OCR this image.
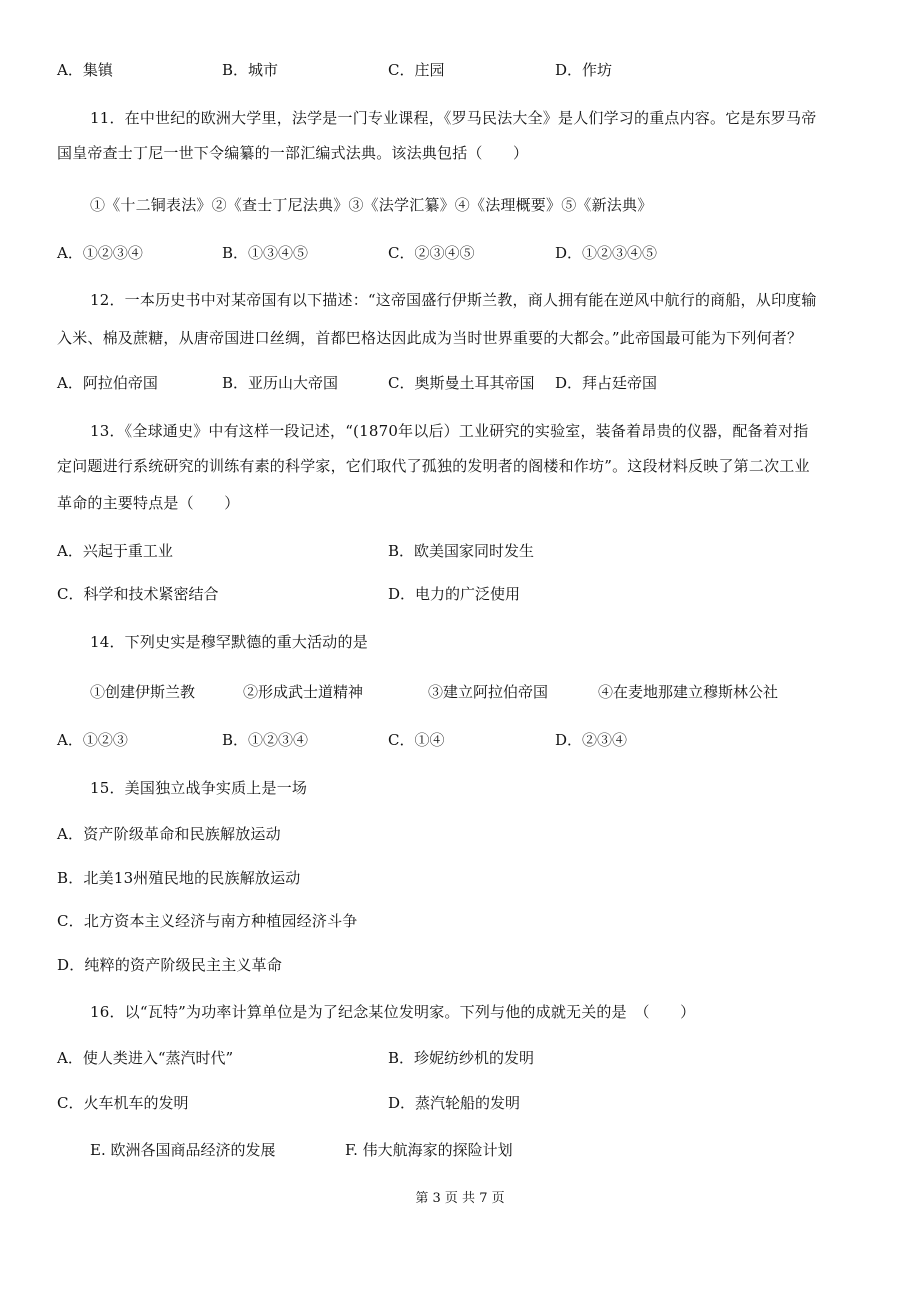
A．集镇	B．城市	C．庄园	D．作坊
11．在中世纪的欧洲大学里，法学是一门专业课程，《罗马民法大全》是人们学习的重点内容。它是东罗马帝
国皇帝查士丁尼一世下令编纂的一部汇编式法典。该法典包括（　　）
①《十二铜表法》②《查士丁尼法典》③《法学汇纂》④《法理概要》⑤《新法典》
A．①②③④	B．①③④⑤	C．②③④⑤	D．①②③④⑤
12．一本历史书中对某帝国有以下描述：“这帝国盛行伊斯兰教，商人拥有能在逆风中航行的商船，从印度输
入米、棉及蔗糖，从唐帝国进口丝绸，首都巴格达因此成为当时世界重要的大都会。”此帝国最可能为下列何者？
A．阿拉伯帝国	B．亚历山大帝国	C．奥斯曼土耳其帝国 D．拜占廷帝国
13．《全球通史》中有这样一段记述，“(1870年以后）工业研究的实验室，装备着昂贵的仪器，配备着对指
定问题进行系统研究的训练有素的科学家，它们取代了孤独的发明者的阁楼和作坊”。这段材料反映了第二次工业
革命的主要特点是（　　）
A．兴起于重工业	B．欧美国家同时发生
C．科学和技术紧密结合	D．电力的广泛使用
14．下列史实是穆罕默德的重大活动的是
①创建伊斯兰教	②形成武士道精神	③建立阿拉伯帝国	④在麦地那建立穆斯林公社
A．①②③	B．①②③④	C．①④	D．②③④
15．美国独立战争实质上是一场
A．资产阶级革命和民族解放运动
B．北美13州殖民地的民族解放运动
C．北方资本主义经济与南方种植园经济斗争
D．纯粹的资产阶级民主主义革命
16．以“瓦特”为功率计算单位是为了纪念某位发明家。下列与他的成就无关的是　（　　）
A．使人类进入“蒸汽时代”	B．珍妮纺纱机的发明
C．火车机车的发明	D．蒸汽轮船的发明
E. 欧洲各国商品经济的发展	F. 伟大航海家的探险计划
第 3 页 共 7 页
